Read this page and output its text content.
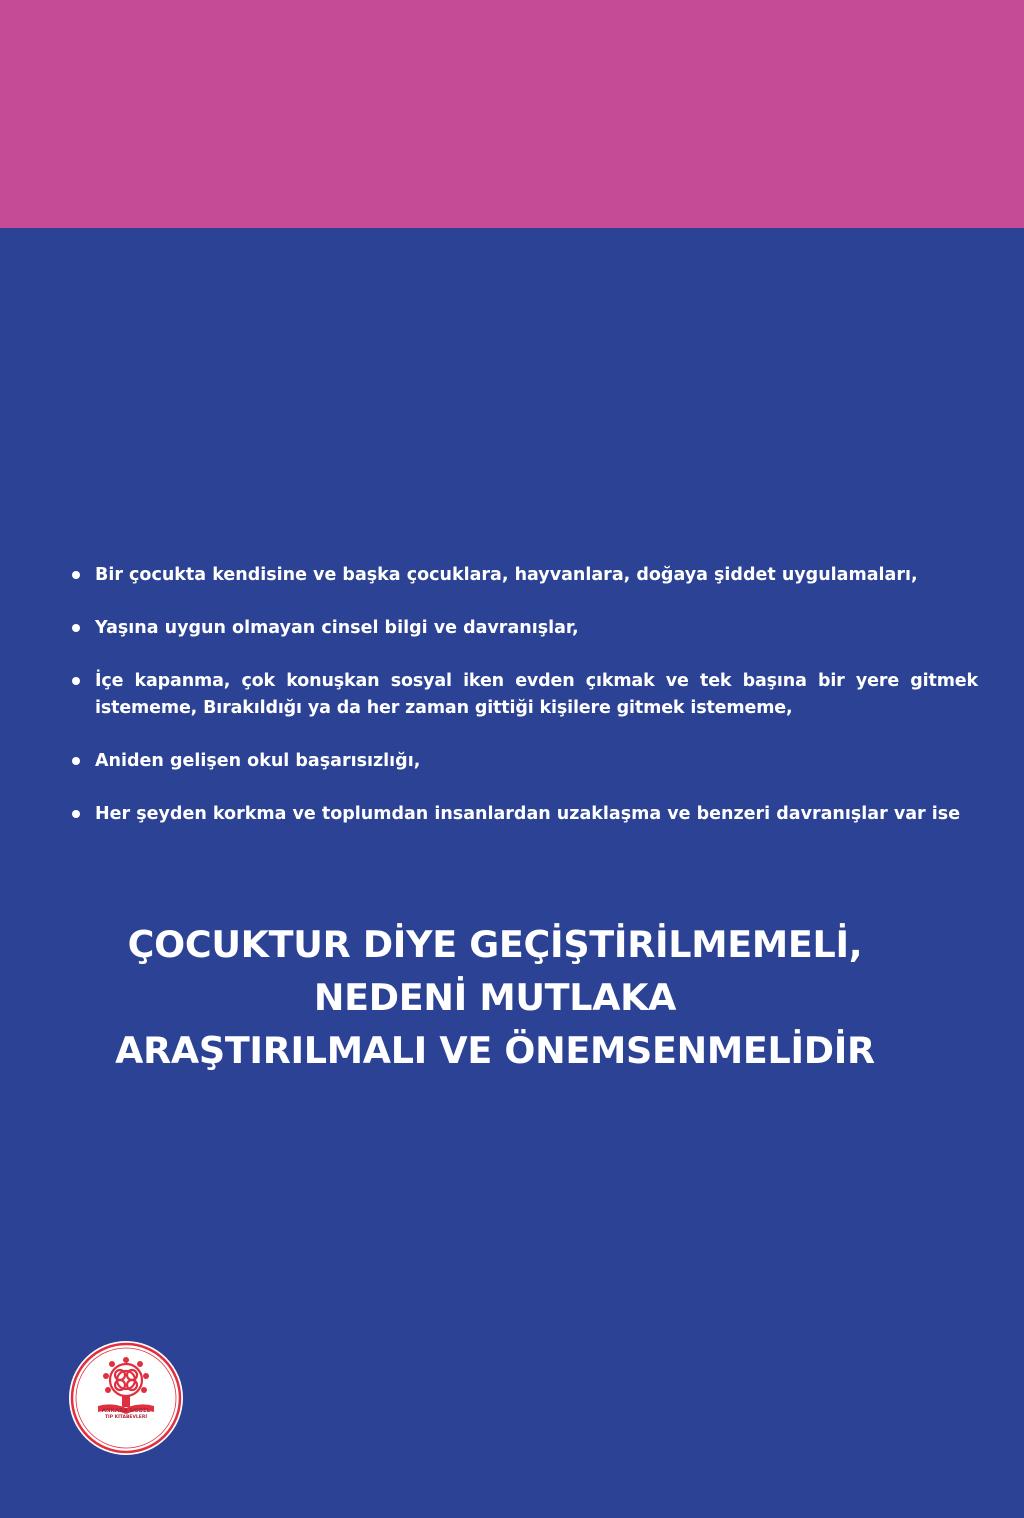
Bir çocukta kendisine ve başka çocuklara, hayvanlara, doğaya şiddet uygulamaları,
Yaşına uygun olmayan cinsel bilgi ve davranışlar,
İçe kapanma, çok konuşkan sosyal iken evden çıkmak ve tek başına bir yere gitmek istememe, Bırakıldığı ya da her zaman gittiği kişilere gitmek istememe,
Aniden gelişen okul başarısızlığı,
Her şeyden korkma ve toplumdan insanlardan uzaklaşma ve benzeri davranışlar var ise
ÇOCUKTUR DİYE GEÇİŞTİRİLMEMELİ,
NEDENİ MUTLAKA
ARAŞTIRILMALI VE ÖNEMSENMELİDİR
ANKARA NOBEL
TIP KİTABEVLERİ
